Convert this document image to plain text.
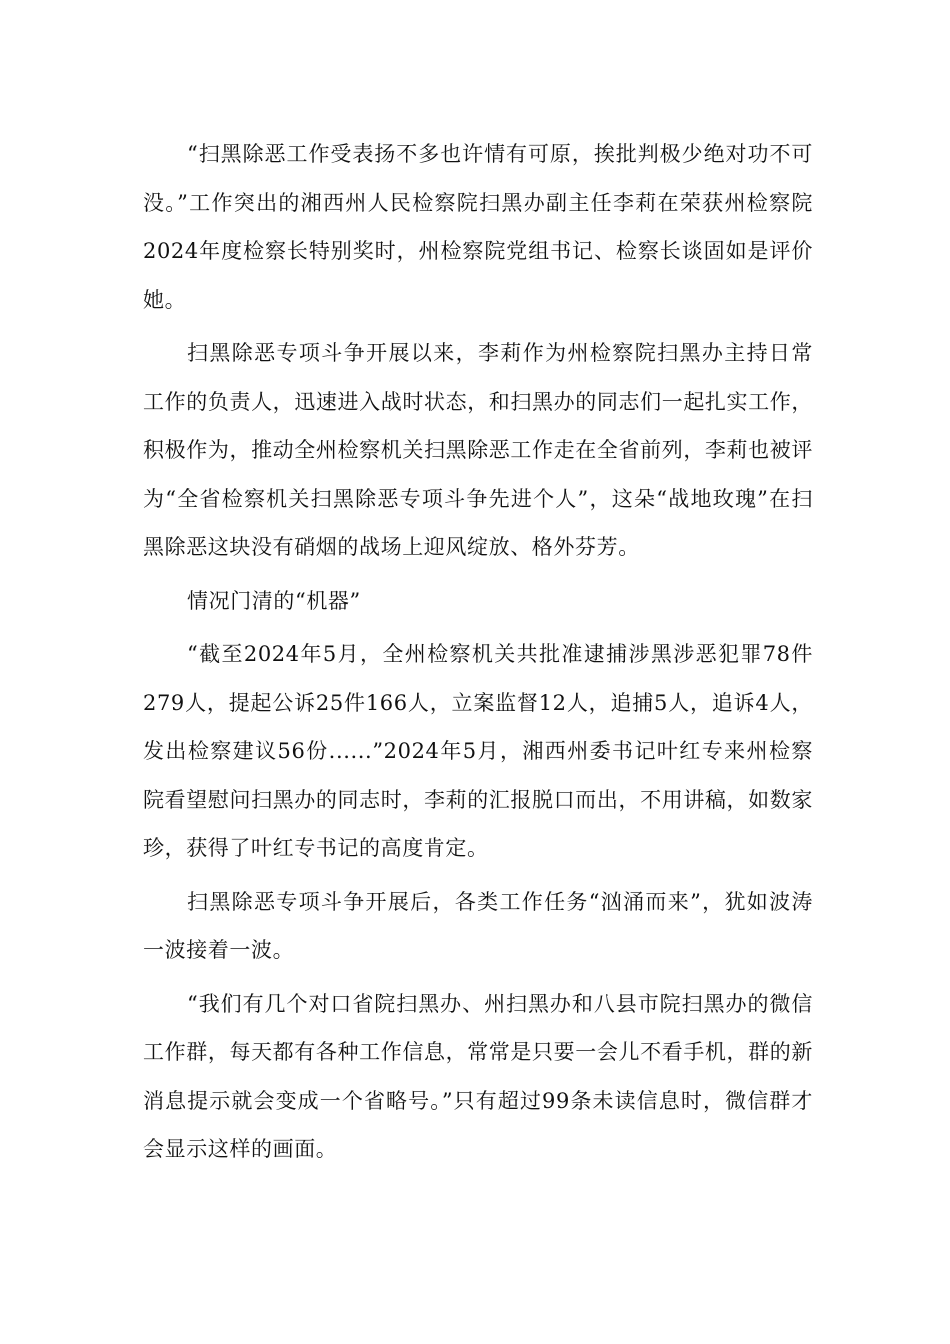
“扫黑除恶工作受表扬不多也许情有可原，挨批判极少绝对功不可没。”工作突出的湘西州人民检察院扫黑办副主任李莉在荣获州检察院2024年度检察长特别奖时，州检察院党组书记、检察长谈固如是评价她。

扫黑除恶专项斗争开展以来，李莉作为州检察院扫黑办主持日常工作的负责人，迅速进入战时状态，和扫黑办的同志们一起扎实工作，积极作为，推动全州检察机关扫黑除恶工作走在全省前列，李莉也被评为“全省检察机关扫黑除恶专项斗争先进个人”，这朵“战地玫瑰”在扫黑除恶这块没有硝烟的战场上迎风绽放、格外芬芳。

情况门清的“机器”

“截至2024年5月，全州检察机关共批准逮捕涉黑涉恶犯罪78件279人，提起公诉25件166人，立案监督12人，追捕5人，追诉4人，发出检察建议56份......”2024年5月，湘西州委书记叶红专来州检察院看望慰问扫黑办的同志时，李莉的汇报脱口而出，不用讲稿，如数家珍，获得了叶红专书记的高度肯定。

扫黑除恶专项斗争开展后，各类工作任务“汹涌而来”，犹如波涛一波接着一波。

“我们有几个对口省院扫黑办、州扫黑办和八县市院扫黑办的微信工作群，每天都有各种工作信息，常常是只要一会儿不看手机，群的新消息提示就会变成一个省略号。”只有超过99条未读信息时，微信群才会显示这样的画面。
